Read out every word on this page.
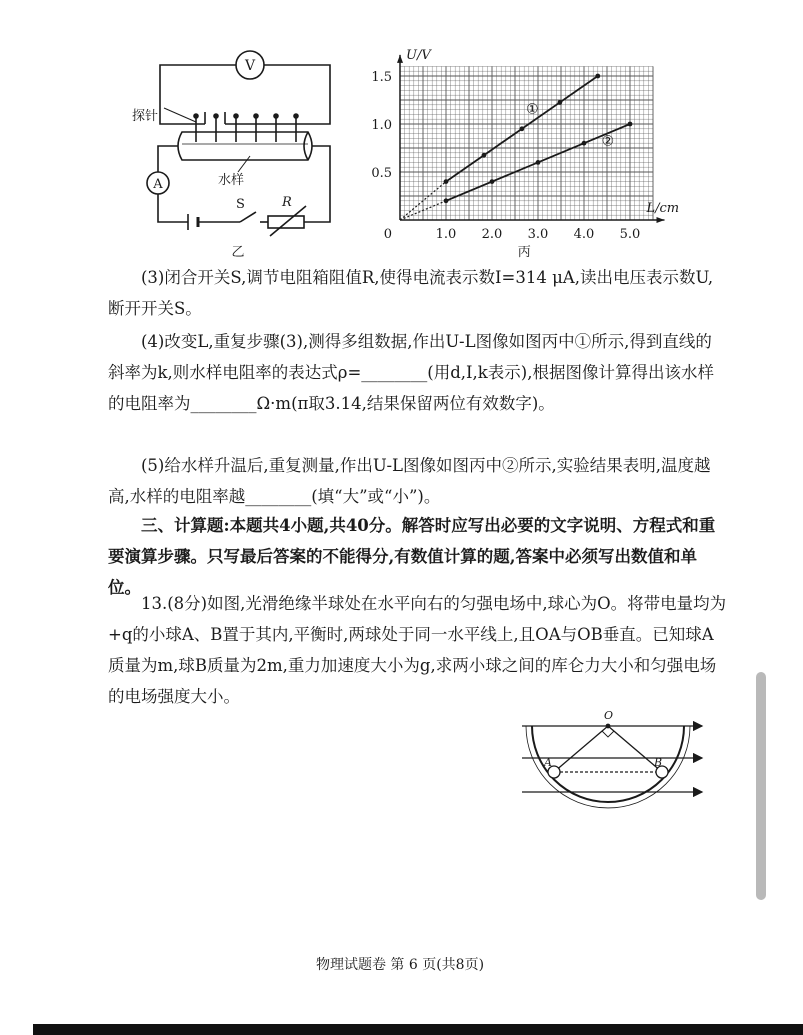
V
A
探针
水样
S	R
乙
1.0 2.0 3.0 4.0 5.0
0.5
1.0
1.5
0
U/V
L/cm
丙
①
②

(3)闭合开关S,调节电阻箱阻值R,使得电流表示数I=314 μA,读出电压表示数U,断开开关S。

(4)改变L,重复步骤(3),测得多组数据,作出U-L图像如图丙中①所示,得到直线的斜率为k,则水样电阻率的表达式ρ=________(用d,I,k表示),根据图像计算得出该水样的电阻率为________Ω·m(π取3.14,结果保留两位有效数字)。

(5)给水样升温后,重复测量,作出U-L图像如图丙中②所示,实验结果表明,温度越高,水样的电阻率越________(填“大”或“小”)。

三、计算题:本题共4小题,共40分。解答时应写出必要的文字说明、方程式和重要演算步骤。只写最后答案的不能得分,有数值计算的题,答案中必须写出数值和单位。

13.(8分)如图,光滑绝缘半球处在水平向右的匀强电场中,球心为O。将带电量均为+q的小球A、B置于其内,平衡时,两球处于同一水平线上,且OA与OB垂直。已知球A质量为m,球B质量为2m,重力加速度大小为g,求两小球之间的库仑力大小和匀强电场的电场强度大小。

O
A	B
物理试题卷 第 6 页(共8页)
